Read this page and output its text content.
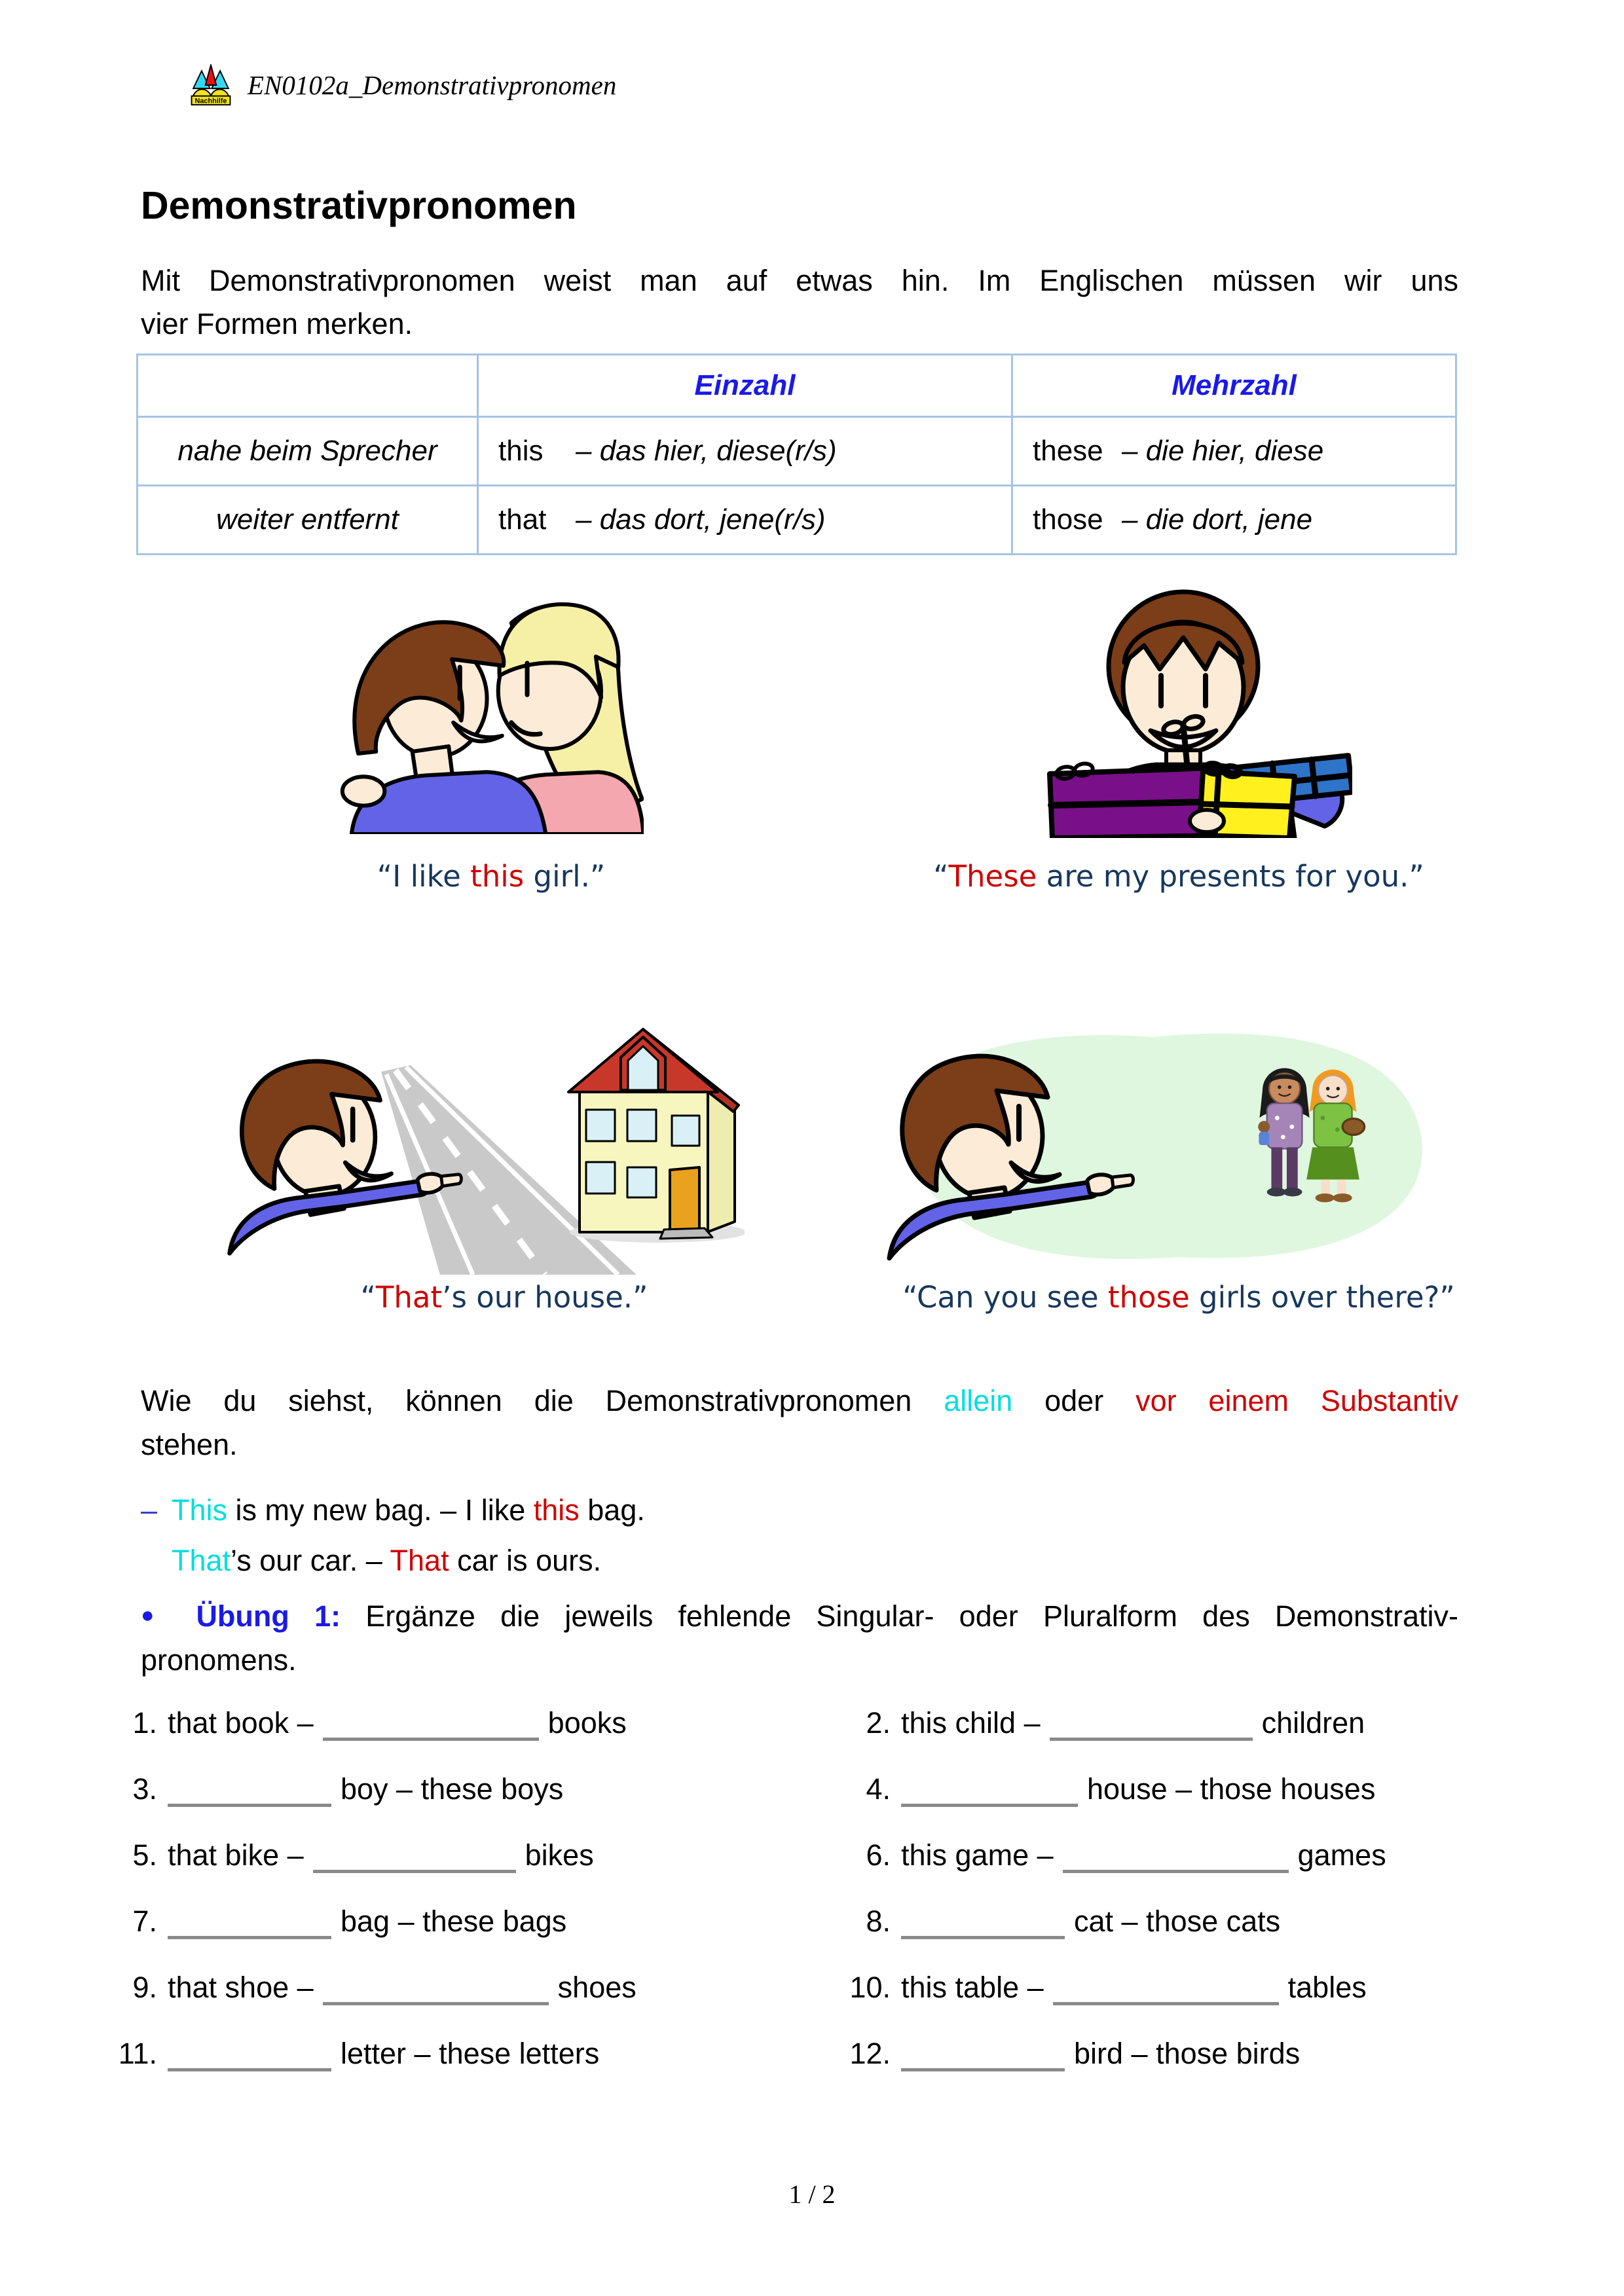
Nachhilfe
EN0102a_Demonstrativpronomen
Demonstrativpronomen
Mit Demonstrativpronomen weist man auf etwas hin. Im Englischen müssen wir uns
vier Formen merken.
	Einzahl	Mehrzahl
nahe beim Sprecher	this – das hier, diese(r/s)	these – die hier, diese
weiter entfernt	that – das dort, jene(r/s)	those – die dort, jene
“I like this girl.”	“These are my presents for you.”
“That’s our house.”	“Can you see those girls over there?”
Wie du siehst, können die Demonstrativpronomen allein oder vor einem Substantiv
stehen.
– This is my new bag. – I like this bag.
That’s our car. – That car is ours.
● Übung 1: Ergänze die jeweils fehlende Singular- oder Pluralform des Demonstrativ-
pronomens.
1. that book –	books	2. this child –	children
3.	boy – these boys	4.	house – those houses
5. that bike –	bikes	6. this game –	games
7.	bag – these bags	8.	cat – those cats
9. that shoe –	shoes	10. this table –	tables
11.	letter – these letters	12.	bird – those birds
1 / 2
